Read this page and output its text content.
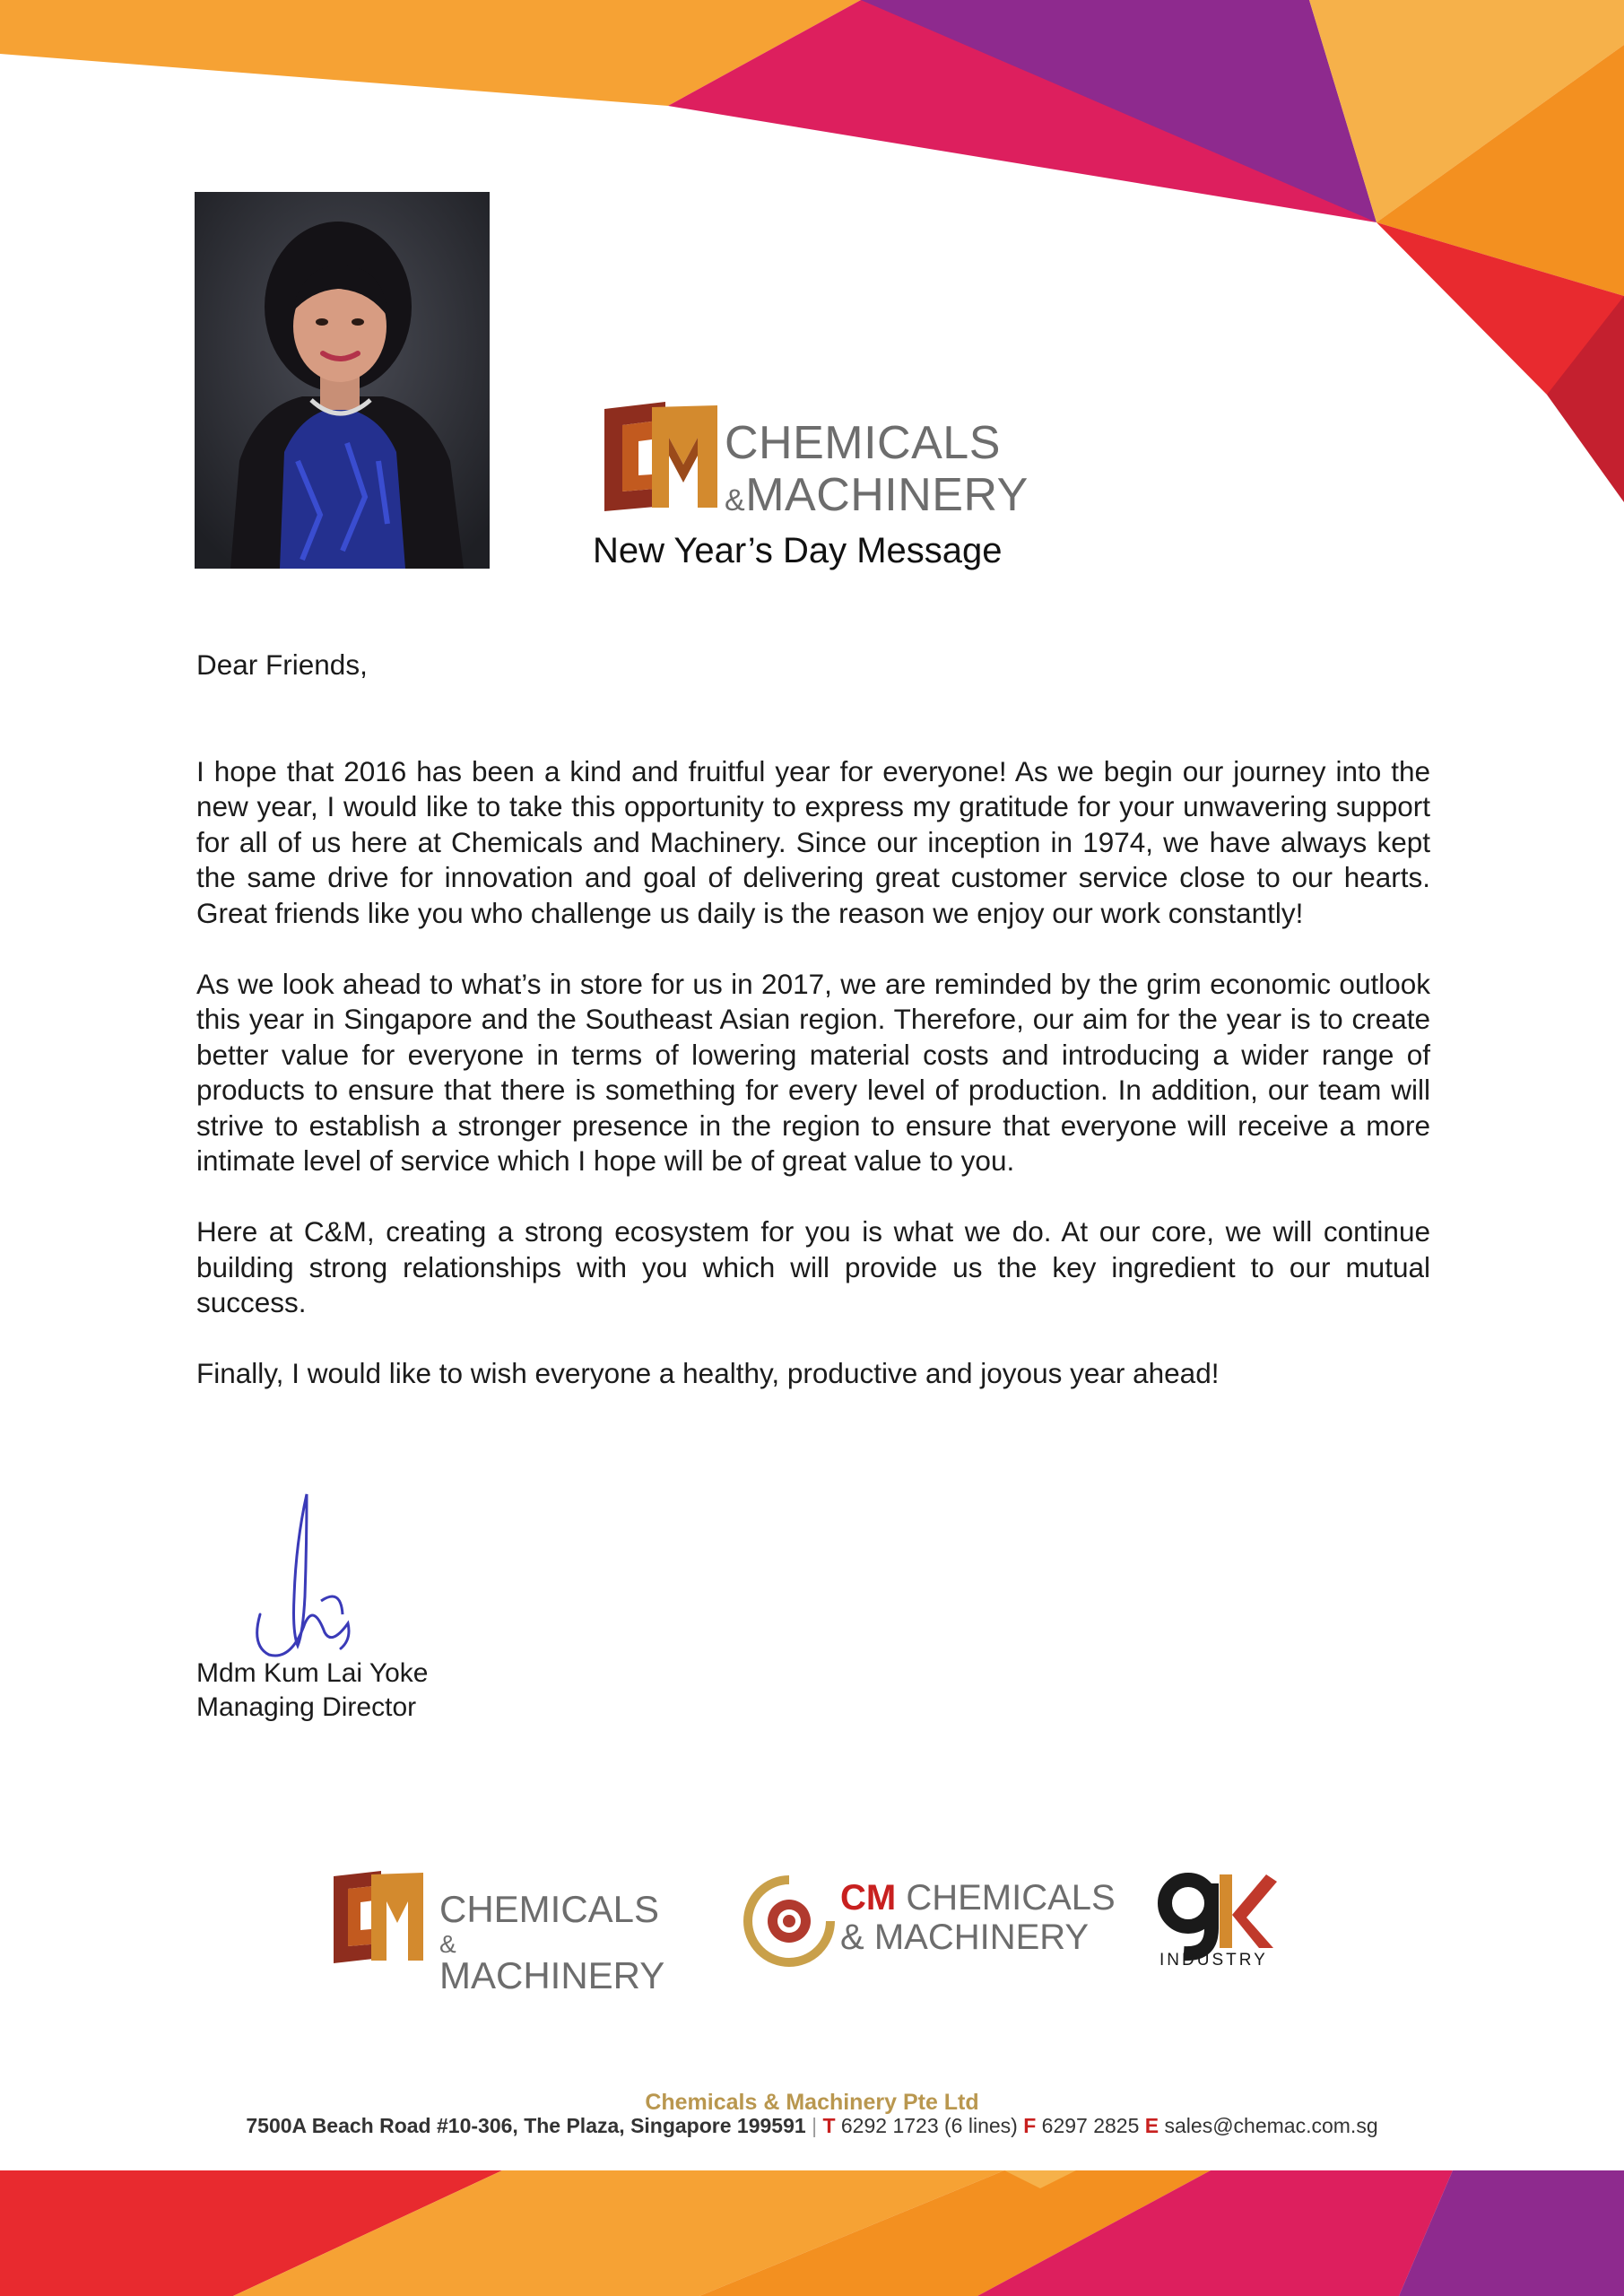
CHEMICALS
&MACHINERY
New Year’s Day Message

Dear Friends,

I hope that 2016 has been a kind and fruitful year for everyone! As we begin our journey into the new year, I would like to take this opportunity to express my gratitude for your unwavering support for all of us here at Chemicals and Machinery. Since our inception in 1974, we have always kept the same drive for innovation and goal of delivering great customer service close to our hearts. Great friends like you who challenge us daily is the reason we enjoy our work constantly!

As we look ahead to what’s in store for us in 2017, we are reminded by the grim economic outlook this year in Singapore and the Southeast Asian region. Therefore, our aim for the year is to create better value for everyone in terms of lowering material costs and introducing a wider range of products to ensure that there is something for every level of production. In addition, our team will strive to establish a stronger presence in the region to ensure that everyone will receive a more intimate level of service which I hope will be of great value to you.

Here at C&M, creating a strong ecosystem for you is what we do. At our core, we will continue building strong relationships with you which will provide us the key ingredient to our mutual success.

Finally, I would like to wish everyone a healthy, productive and joyous year ahead!

Mdm Kum Lai Yoke
Managing Director
CHEMICALS
&
MACHINERY
CM CHEMICALS
& MACHINERY
INDUSTRY
Chemicals & Machinery Pte Ltd
7500A Beach Road #10-306, The Plaza, Singapore 199591 | T 6292 1723 (6 lines) F 6297 2825 E sales@chemac.com.sg
